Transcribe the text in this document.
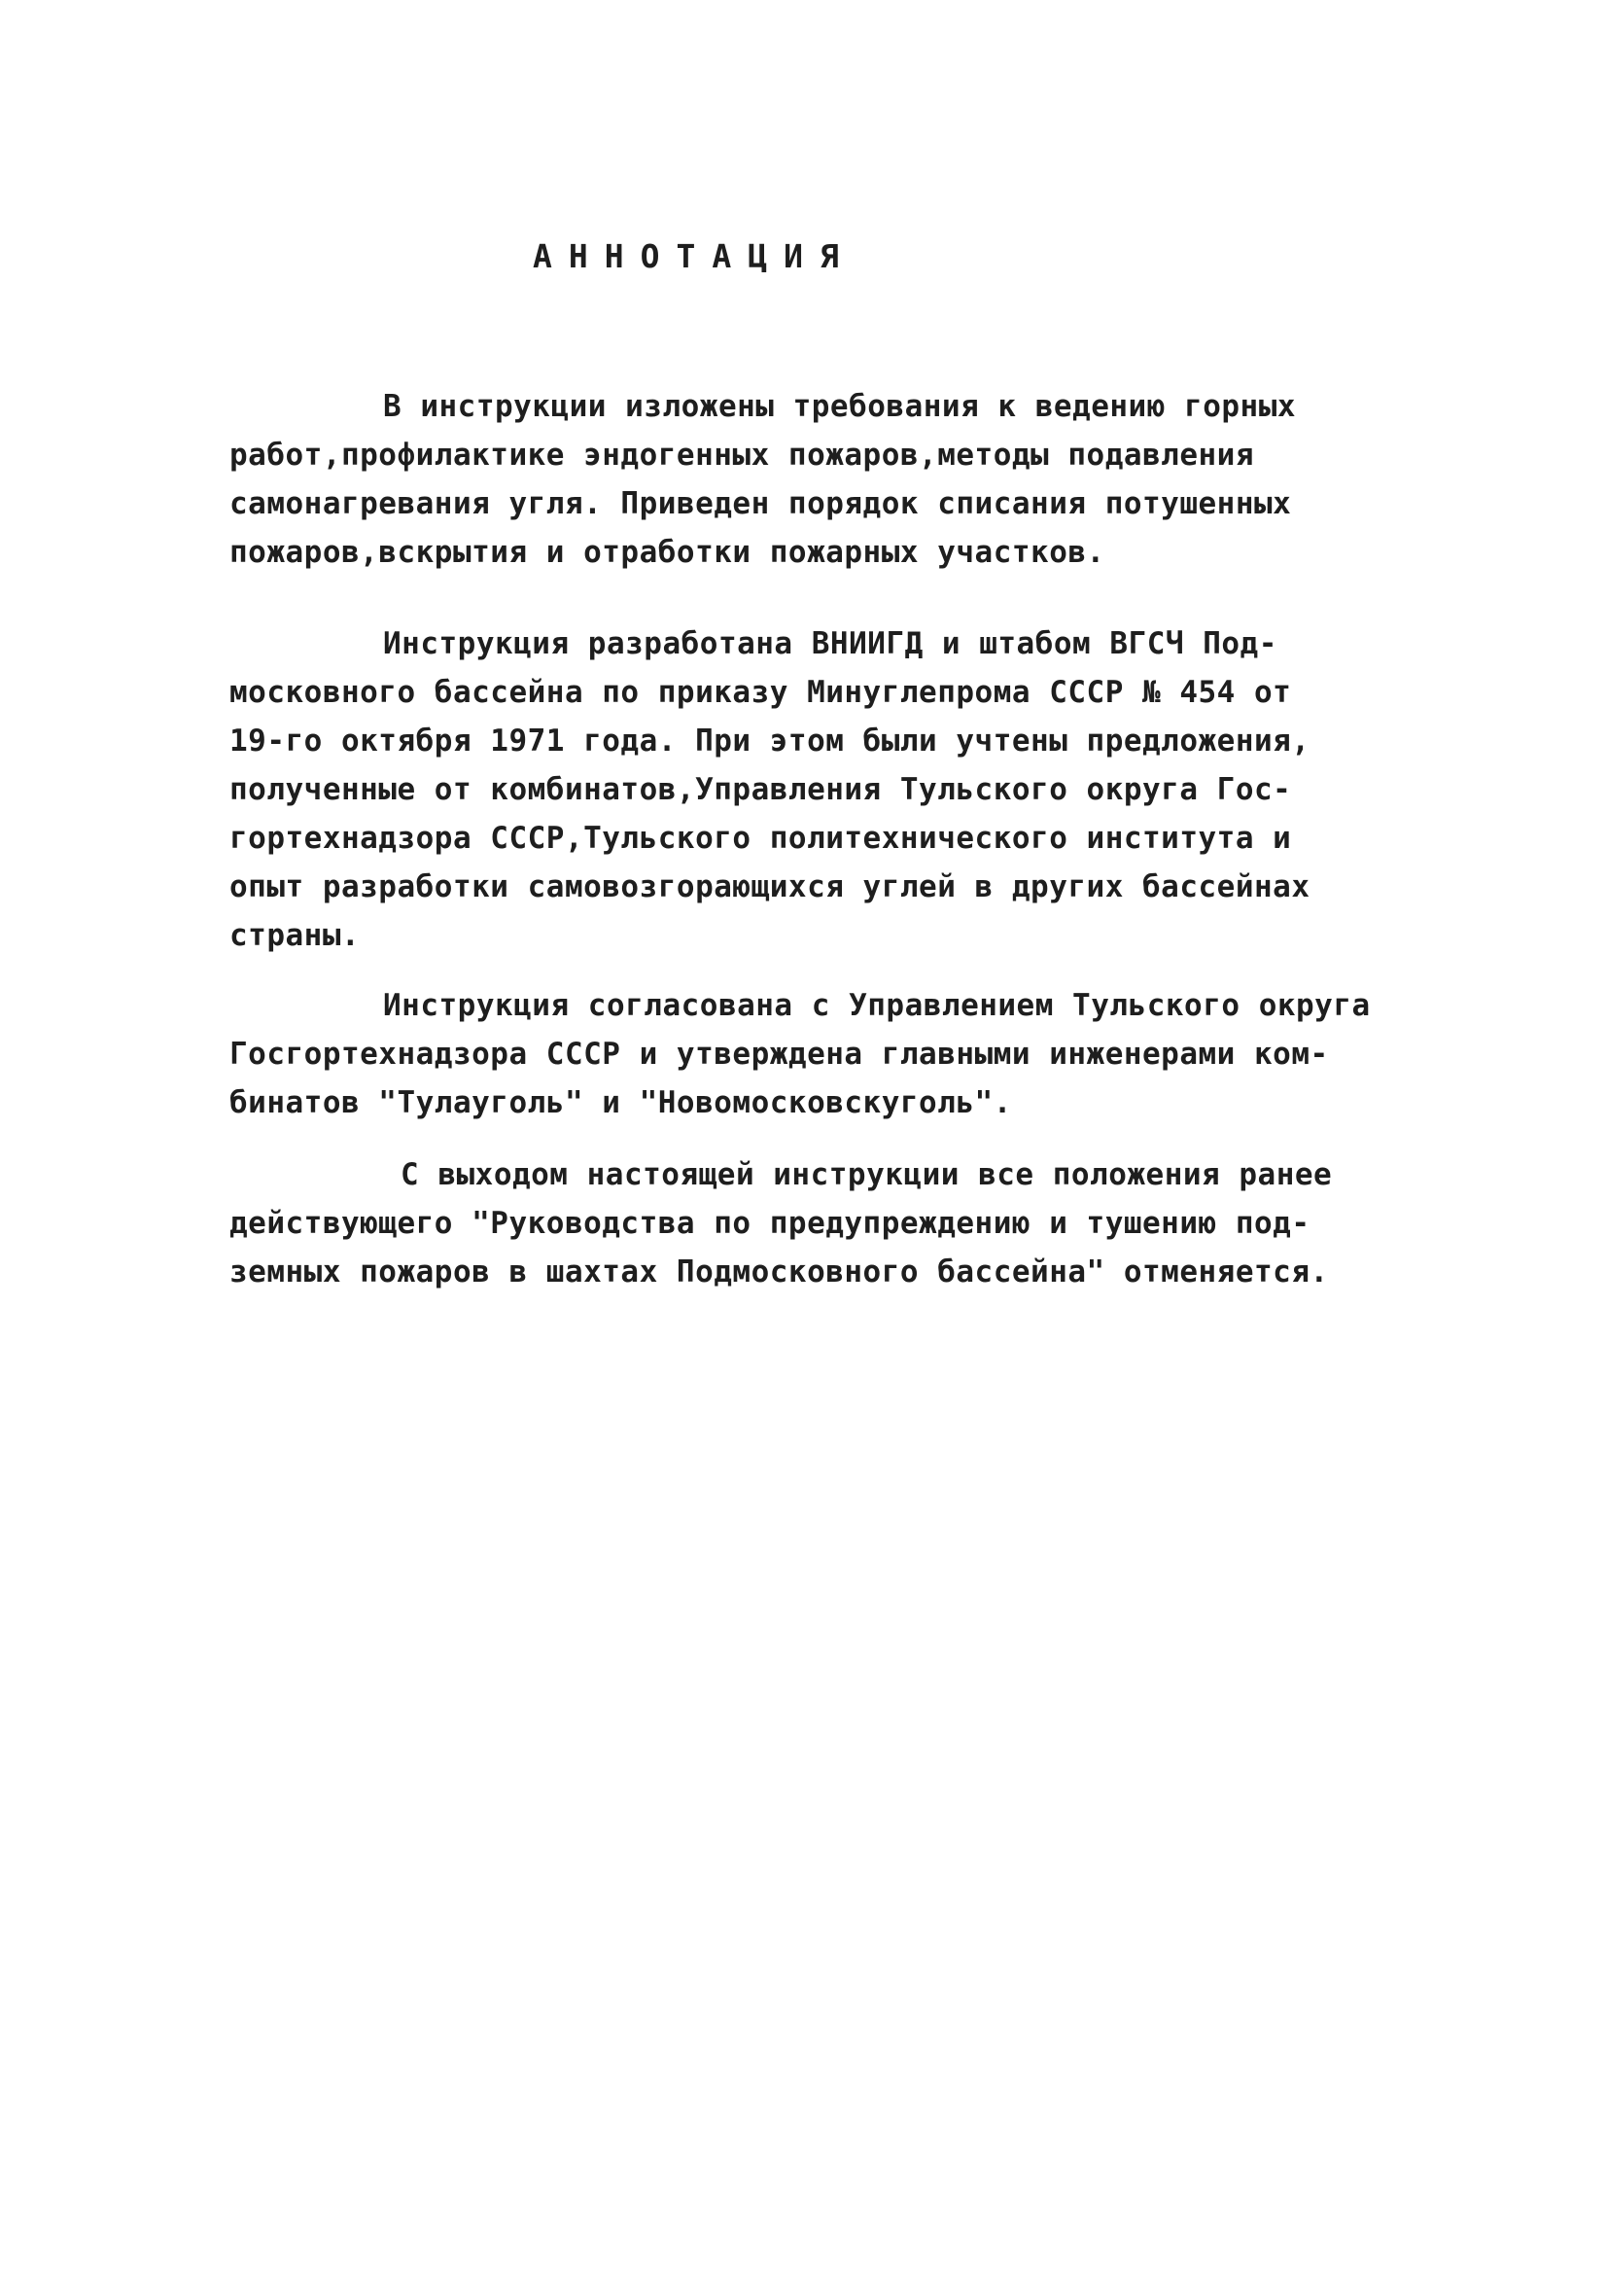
АННОТАЦИЯ
В инструкции изложены требования к ведению горных
работ,профилактике эндогенных пожаров,методы подавления
самонагревания угля. Приведен порядок списания потушенных
пожаров,вскрытия и отработки пожарных участков.
Инструкция разработана ВНИИГД и штабом ВГСЧ Под-
московного бассейна по приказу Минуглепрома СССР № 454 от
19-го октября 1971 года. При этом были учтены предложения,
полученные от комбинатов,Управления Тульского округа Гос-
гортехнадзора СССР,Тульского политехнического института и
опыт разработки самовозгорающихся углей в других бассейнах
страны.
Инструкция согласована с Управлением Тульского округа
Госгортехнадзора СССР и утверждена главными инженерами ком-
бинатов "Тулауголь" и "Новомосковскуголь".
С выходом настоящей инструкции все положения ранее
действующего "Руководства по предупреждению и тушению под-
земных пожаров в шахтах Подмосковного бассейна" отменяется.
